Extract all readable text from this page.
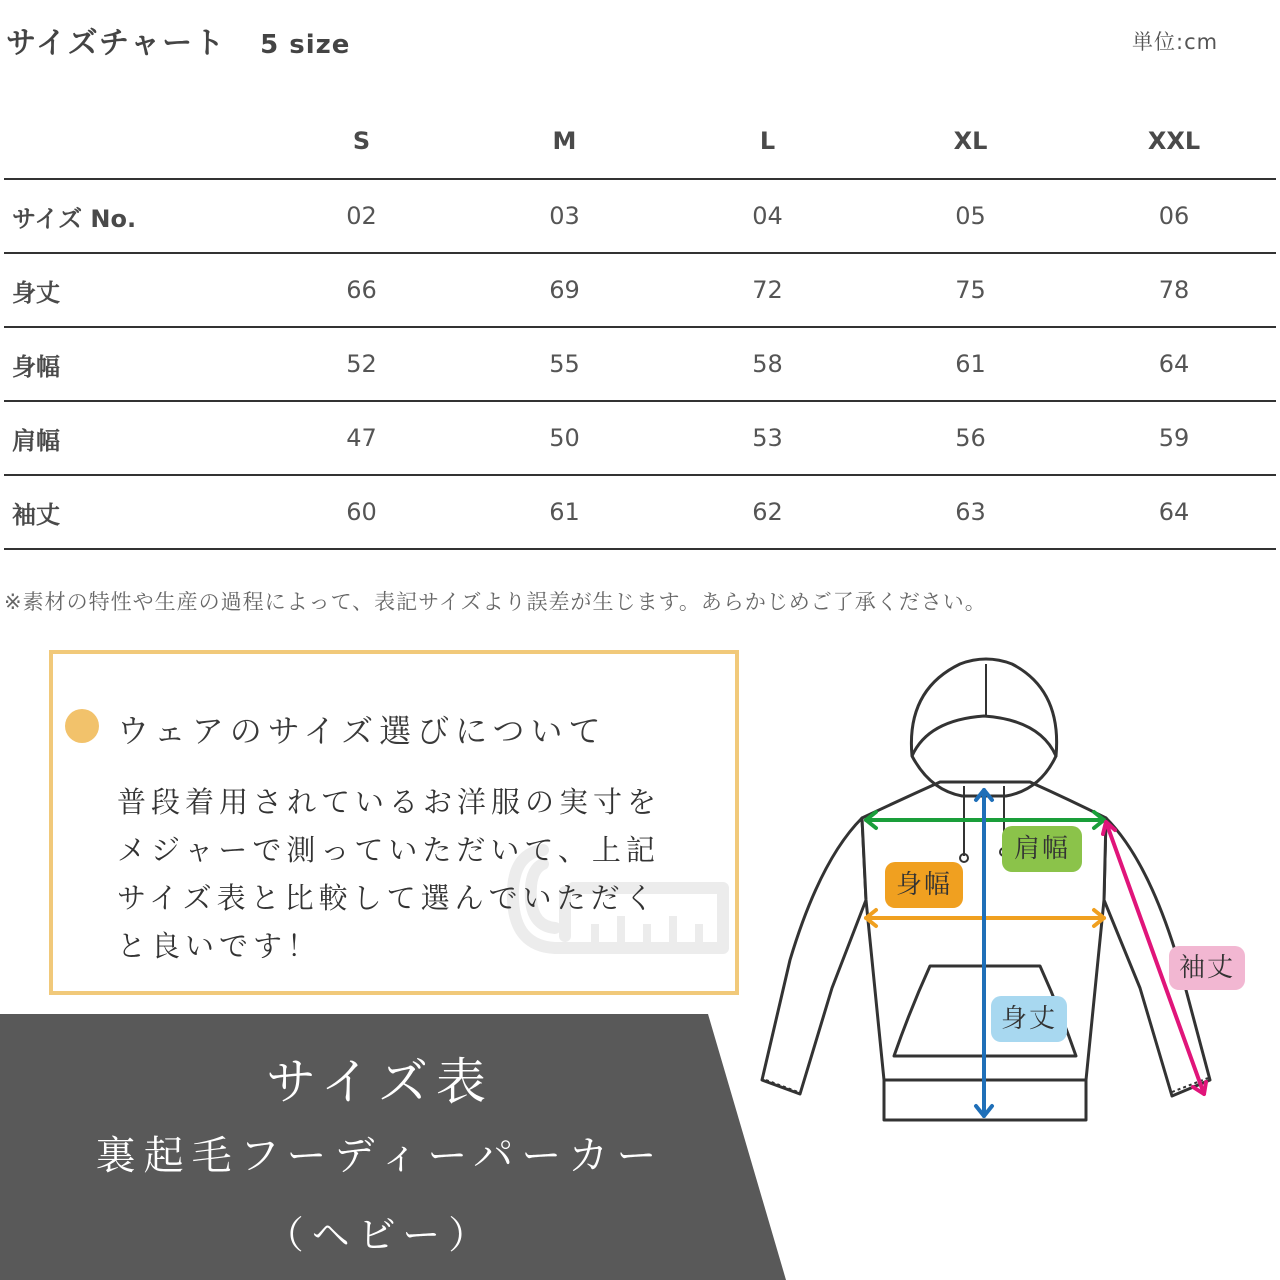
サイズチャート 5 size	単位:cm
	S	M	L	XL	XXL
サイズ No.	02	03	04	05	06
身丈	66	69	72	75	78
身幅	52	55	58	61	64
肩幅	47	50	53	56	59
袖丈	60	61	62	63	64
※素材の特性や生産の過程によって、表記サイズより誤差が生じます。あらかじめご了承ください。
ウェアのサイズ選びについて
普段着用されているお洋服の実寸を
メジャーで測っていただいて、上記
サイズ表と比較して選んでいただく
と良いです！
サイズ表
裏起毛フーディーパーカー
（ヘビー）
肩幅
身幅
袖丈
身丈
